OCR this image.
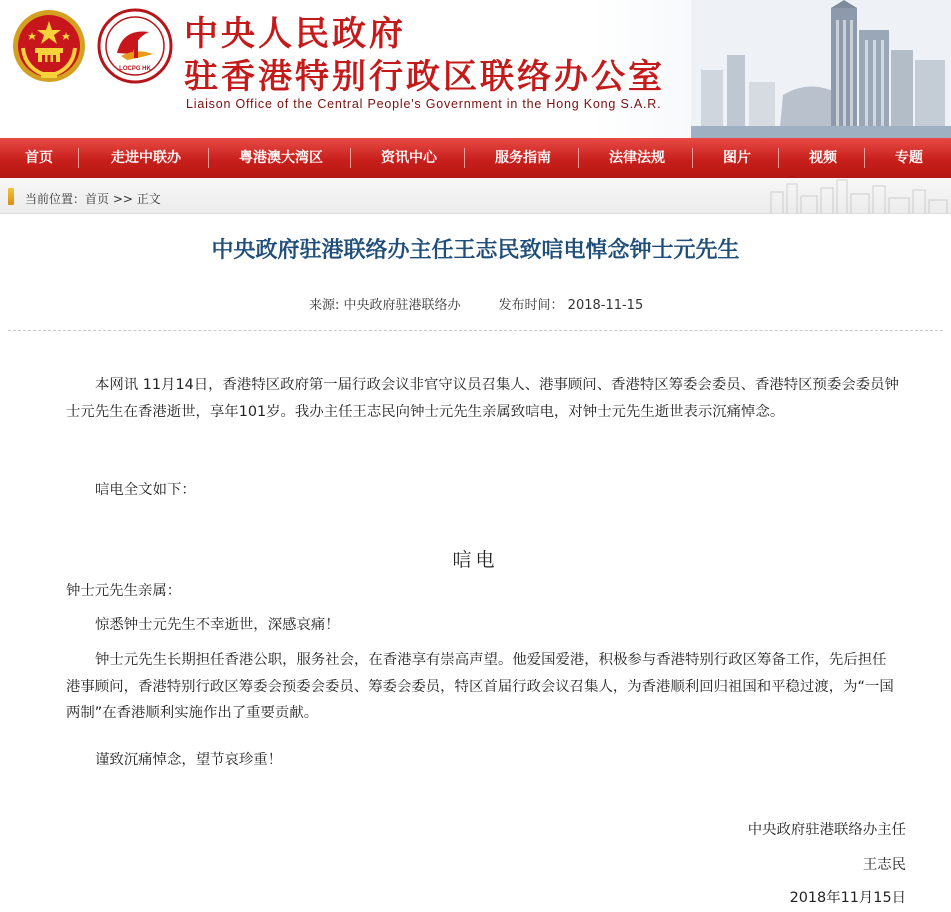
LOCPG HK
中央人民政府
驻香港特别行政区联络办公室
Liaison Office of the Central People's Government in the Hong Kong S.A.R.
首页	走进中联办	粤港澳大湾区	资讯中心	服务指南	法律法规	图片	视频	专题
当前位置：首页 >> 正文
中央政府驻港联络办主任王志民致唁电悼念钟士元先生
来源: 中央政府驻港联络办	发布时间： 2018-11-15

本网讯 11月14日，香港特区政府第一届行政会议非官守议员召集人、港事顾问、香港特区筹委会委员、香港特区预委会委员钟士元先生在香港逝世，享年101岁。我办主任王志民向钟士元先生亲属致唁电，对钟士元先生逝世表示沉痛悼念。

唁电全文如下：

唁电

钟士元先生亲属：

惊悉钟士元先生不幸逝世，深感哀痛！

钟士元先生长期担任香港公职，服务社会，在香港享有崇高声望。他爱国爱港，积极参与香港特别行政区筹备工作，先后担任港事顾问，香港特别行政区筹委会预委会委员、筹委会委员，特区首届行政会议召集人，为香港顺利回归祖国和平稳过渡，为“一国两制”在香港顺利实施作出了重要贡献。

谨致沉痛悼念，望节哀珍重！

中央政府驻港联络办主任
王志民
2018年11月15日
